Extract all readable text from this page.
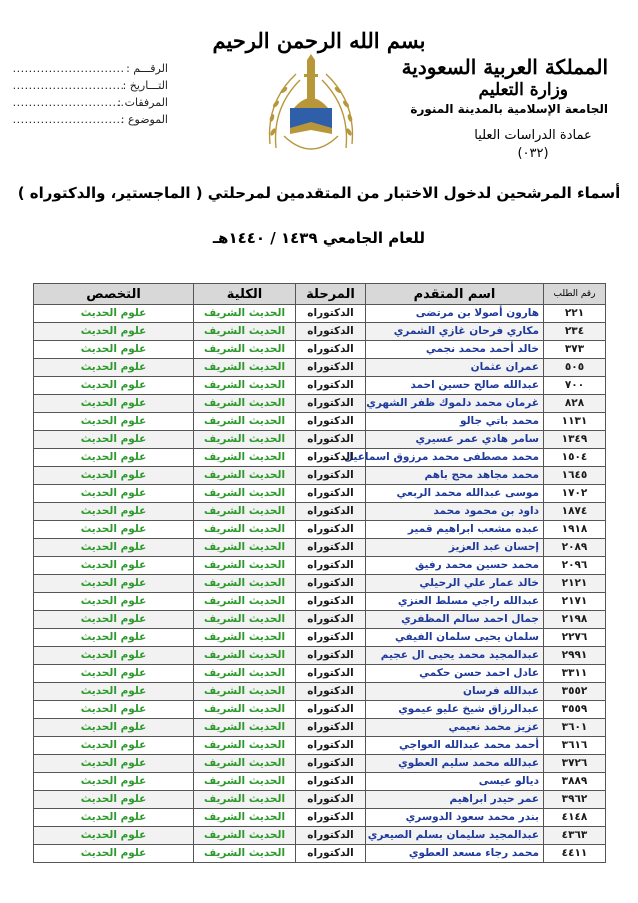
بسم الله الرحمن الرحيم
الرقـــم : ............................
التـــاريخ : ............................
المرفقات : ............................
الموضوع : ............................
المملكة العربية السعودية
وزارة التعليم
الجامعة الإسلامية بالمدينة المنورة
عمادة الدراسات العليا
(٠٣٢)
أسماء المرشحين لدخول الاختبار من المتقدمين لمرحلتي ( الماجستير، والدكتوراه )
للعام الجامعي ١٤٣٩ / ١٤٤٠هـ
رقم الطلب	اسم المتقدم	المرحلة	الكلية	التخصص
٢٢١	هارون أصولا بن مرتضى	الدكتوراه	الحديث الشريف	علوم الحديث
٢٣٤	مكاري فرحان غازي الشمري	الدكتوراه	الحديث الشريف	علوم الحديث
٣٧٣	خالد أحمد محمد نجمي	الدكتوراه	الحديث الشريف	علوم الحديث
٥٠٥	عمران عثمان	الدكتوراه	الحديث الشريف	علوم الحديث
٧٠٠	عبدالله صالح حسين احمد	الدكتوراه	الحديث الشريف	علوم الحديث
٨٢٨	غرمان محمد دلموك ظفر الشهري	الدكتوراه	الحديث الشريف	علوم الحديث
١١٣١	محمد باتي جالو	الدكتوراه	الحديث الشريف	علوم الحديث
١٣٤٩	سامر هادي عمر عسيري	الدكتوراه	الحديث الشريف	علوم الحديث
١٥٠٤	محمد مصطفى محمد مرزوق اسماعيل	الدكتوراه	الحديث الشريف	علوم الحديث
١٦٤٥	محمد مجاهد محج باهم	الدكتوراه	الحديث الشريف	علوم الحديث
١٧٠٢	موسى عبدالله محمد الربعي	الدكتوراه	الحديث الشريف	علوم الحديث
١٨٧٤	داود بن محمود محمد	الدكتوراه	الحديث الشريف	علوم الحديث
١٩١٨	عبده مشعب ابراهيم قمير	الدكتوراه	الحديث الشريف	علوم الحديث
٢٠٨٩	إحسان عبد العزيز	الدكتوراه	الحديث الشريف	علوم الحديث
٢٠٩٦	محمد حسين محمد رفيق	الدكتوراه	الحديث الشريف	علوم الحديث
٢١٢١	خالد عمار علي الرحيلي	الدكتوراه	الحديث الشريف	علوم الحديث
٢١٧١	عبدالله راجي مسلط العنزي	الدكتوراه	الحديث الشريف	علوم الحديث
٢١٩٨	جمال احمد سالم المظفري	الدكتوراه	الحديث الشريف	علوم الحديث
٢٢٧٦	سلمان يحيى سلمان الفيفي	الدكتوراه	الحديث الشريف	علوم الحديث
٢٩٩١	عبدالمجيد محمد يحيى ال عجيم	الدكتوراه	الحديث الشريف	علوم الحديث
٣٣١١	عادل احمد حسن حكمي	الدكتوراه	الحديث الشريف	علوم الحديث
٣٥٥٢	عبدالله فرسان	الدكتوراه	الحديث الشريف	علوم الحديث
٣٥٥٩	عبدالرزاق شيخ عليو عيموي	الدكتوراه	الحديث الشريف	علوم الحديث
٣٦٠١	عزيز محمد نعيمي	الدكتوراه	الحديث الشريف	علوم الحديث
٣٦١٦	أحمد محمد عبدالله العواجي	الدكتوراه	الحديث الشريف	علوم الحديث
٣٧٢٦	عبدالله محمد سليم العطوي	الدكتوراه	الحديث الشريف	علوم الحديث
٣٨٨٩	ديالو عيسى	الدكتوراه	الحديث الشريف	علوم الحديث
٣٩٦٢	عمر حيدر ابراهيم	الدكتوراه	الحديث الشريف	علوم الحديث
٤١٤٨	بندر محمد سعود الدوسري	الدكتوراه	الحديث الشريف	علوم الحديث
٤٣٦٣	عبدالمجيد سليمان بسلم الصيعري	الدكتوراه	الحديث الشريف	علوم الحديث
٤٤١١	محمد رجاء مسعد العطوي	الدكتوراه	الحديث الشريف	علوم الحديث
